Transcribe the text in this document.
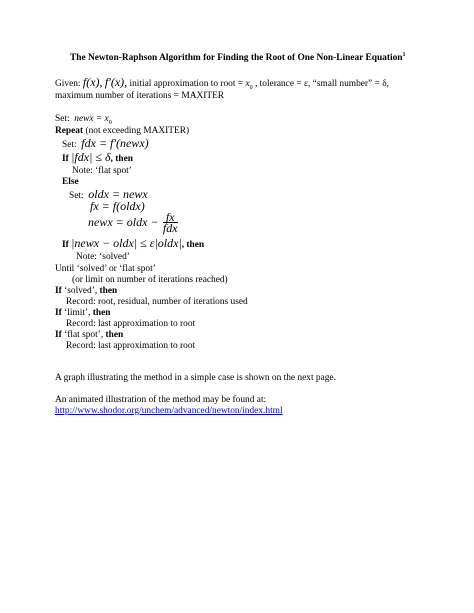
The Newton-Raphson Algorithm for Finding the Root of One Non-Linear Equation$^1$
Given: f(x), f′(x), initial approximation to root = $x_0$ , tolerance = ε, “small number” = δ,
maximum number of iterations = MAXITER
Set: newx = $x_0$
Repeat (not exceeding MAXITER)
Set: fdx = f′(newx)
If |fdx| ≤ δ, then
Note: ‘flat spot’
Else
Set: oldx = newx
fx = f(oldx)
newx = oldx − $\frac{fx}{\text{fdx}}$
If |newx − oldx| ≤ ε|oldx|, then
Note: ‘solved’
Until ‘solved’ or ‘flat spot’
(or limit on number of iterations reached)
If ‘solved’, then
Record: root, residual, number of iterations used
If ‘limit’, then
Record: last approximation to root
If ‘flat spot’, then
Record: last approximation to root
A graph illustrating the method in a simple case is shown on the next page.
An animated illustration of the method may be found at:
http://www.shodor.org/unchem/advanced/newton/index.html
